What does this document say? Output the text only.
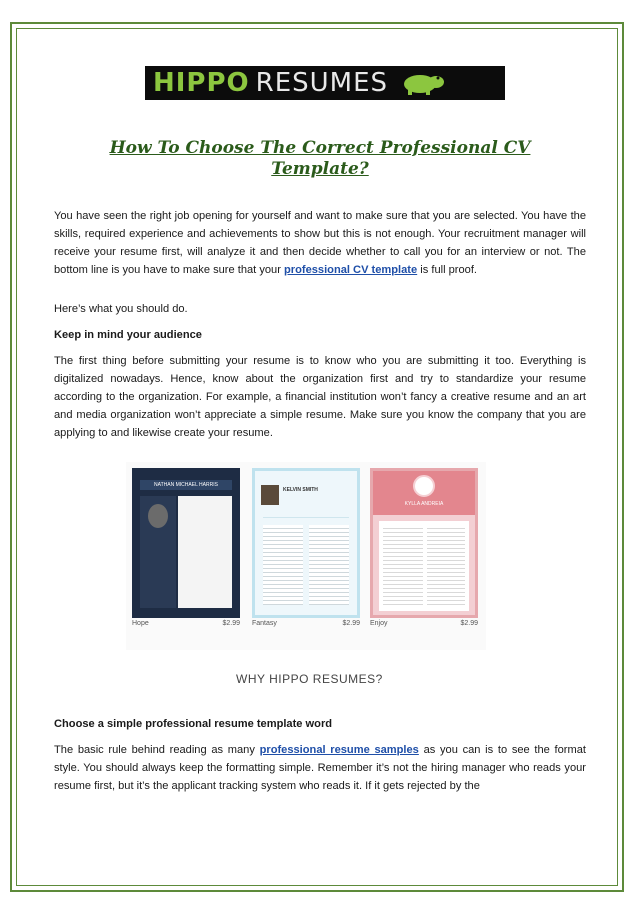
HIPPO RESUMES
How To Choose The Correct Professional CV
Template?
You have seen the right job opening for yourself and want to make sure that you are selected. You have the skills, required experience and achievements to show but this is not enough. Your recruitment manager will receive your resume first, will analyze it and then decide whether to call you for an interview or not. The bottom line is you have to make sure that your professional CV template is full proof.
Here’s what you should do.
Keep in mind your audience
The first thing before submitting your resume is to know who you are submitting it too. Everything is digitalized nowadays. Hence, know about the organization first and try to standardize your resume according to the organization. For example, a financial institution won’t fancy a creative resume and an art and media organization won’t appreciate a simple resume. Make sure you know the company that you are applying to and likewise create your resume.
NATHAN MICHAEL HARRIS
KELVIN SMITH
KYLLA ANDREIA
Hope	$2.99 Fantasy	$2.99 Enjoy	$2.99
WHY HIPPO RESUMES?
Choose a simple professional resume template word
The basic rule behind reading as many professional resume samples as you can is to see the format style. You should always keep the formatting simple. Remember it’s not the hiring manager who reads your resume first, but it’s the applicant tracking system who reads it. If it gets rejected by the
